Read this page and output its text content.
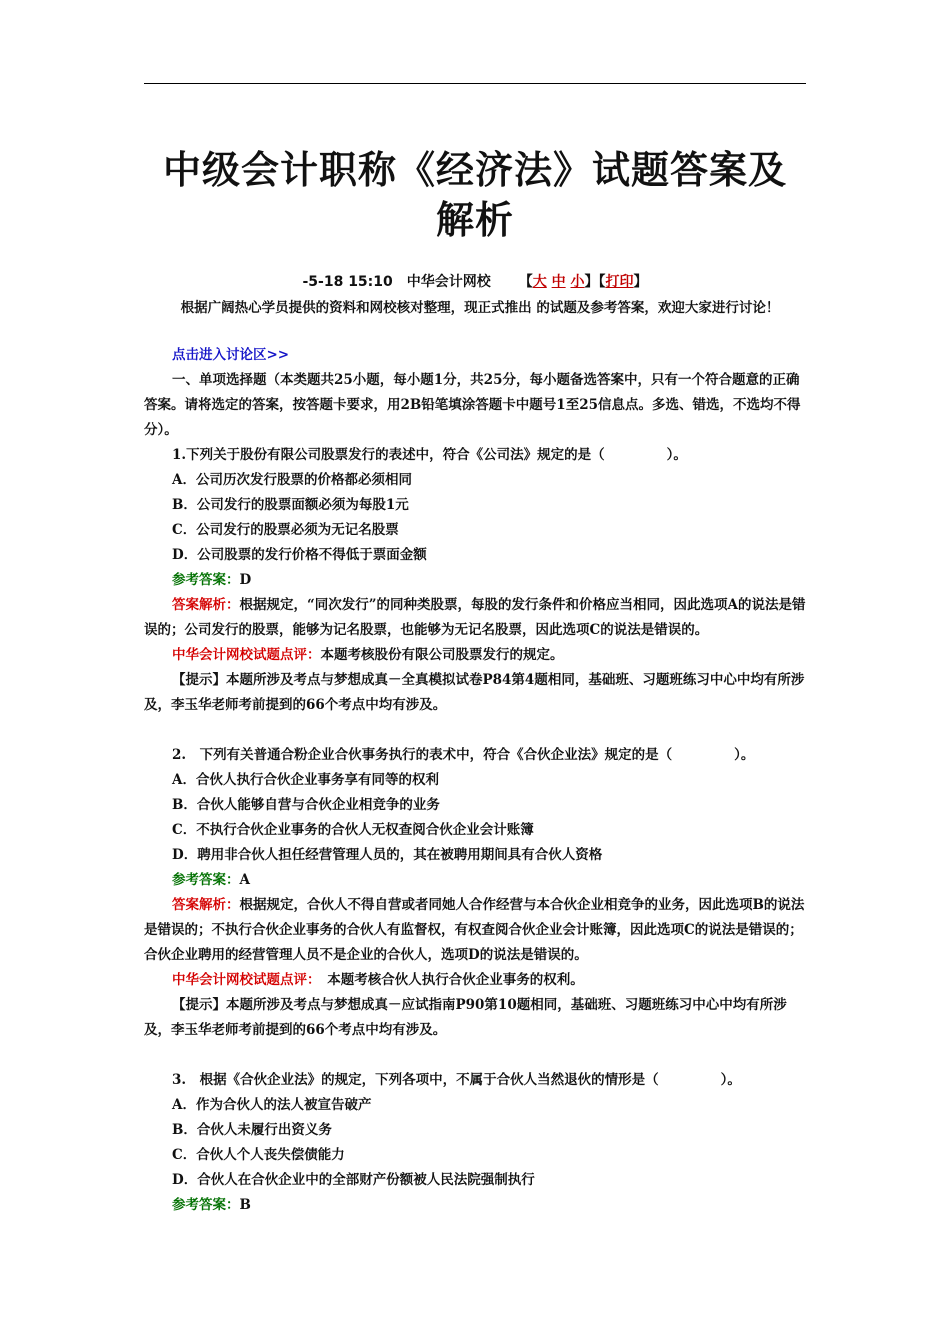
中级会计职称《经济法》试题答案及解析
-5-18 15:10 中华会计网校 【大 中 小】【打印】
根据广阔热心学员提供的资料和网校核对整理，现正式推出 的试题及参考答案，欢迎大家进行讨论！

点击进入讨论区>>

一、单项选择题（本类题共25小题，每小题1分，共25分，每小题备选答案中，只有一个符合题意的正确答案。请将选定的答案，按答题卡要求，用2B铅笔填涂答题卡中题号1至25信息点。多选、错选，不选均不得分）。

1.下列关于股份有限公司股票发行的表述中，符合《公司法》规定的是（	）。

A．公司历次发行股票的价格都必须相同

B．公司发行的股票面额必须为每股1元

C．公司发行的股票必须为无记名股票

D．公司股票的发行价格不得低于票面金额

参考答案：D

答案解析：根据规定，“同次发行”的同种类股票，每股的发行条件和价格应当相同，因此选项A的说法是错误的；公司发行的股票，能够为记名股票，也能够为无记名股票，因此选项C的说法是错误的。

中华会计网校试题点评：本题考核股份有限公司股票发行的规定。

【提示】本题所涉及考点与梦想成真－全真模拟试卷P84第4题相同，基础班、习题班练习中心中均有所涉及，李玉华老师考前提到的66个考点中均有涉及。

2.　下列有关普通合粉企业合伙事务执行的表术中，符合《合伙企业法》规定的是（	）。

A．合伙人执行合伙企业事务享有同等的权利

B．合伙人能够自营与合伙企业相竞争的业务

C．不执行合伙企业事务的合伙人无权查阅合伙企业会计账簿

D．聘用非合伙人担任经营管理人员的，其在被聘用期间具有合伙人资格

参考答案：A

答案解析：根据规定，合伙人不得自营或者同她人合作经营与本合伙企业相竞争的业务，因此选项B的说法是错误的；不执行合伙企业事务的合伙人有监督权，有权查阅合伙企业会计账簿，因此选项C的说法是错误的；合伙企业聘用的经营管理人员不是企业的合伙人，选项D的说法是错误的。

中华会计网校试题点评：　本题考核合伙人执行合伙企业事务的权利。

【提示】本题所涉及考点与梦想成真－应试指南P90第10题相同，基础班、习题班练习中心中均有所涉及，李玉华老师考前提到的66个考点中均有涉及。

3.　根据《合伙企业法》的规定，下列各项中，不属于合伙人当然退伙的情形是（	）。

A．作为合伙人的法人被宣告破产

B．合伙人未履行出资义务

C．合伙人个人丧失偿债能力

D．合伙人在合伙企业中的全部财产份额被人民法院强制执行

参考答案：B
